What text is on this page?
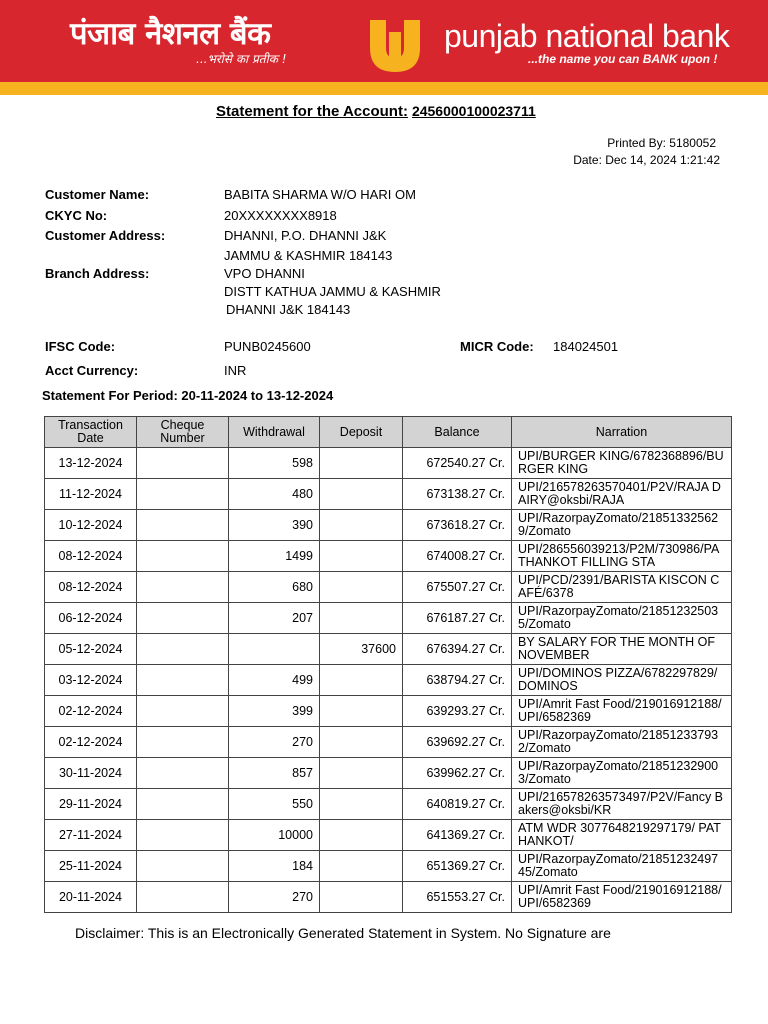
पंजाब नैशनल बैंक
...भरोसे का प्रतीक !
punjab national bank
...the name you can BANK upon !
Statement for the Account: 2456000100023711
Printed By: 5180052
Date: Dec 14, 2024 1:21:42
Customer Name:	BABITA SHARMA W/O HARI OM
CKYC No:	20XXXXXXXX8918
Customer Address:	DHANNI, P.O. DHANNI J&K
JAMMU & KASHMIR 184143
Branch Address:	VPO DHANNI
DISTT KATHUA JAMMU & KASHMIR
DHANNI J&K 184143
IFSC Code:	PUNB0245600	MICR Code: 184024501
Acct Currency:	INR
Statement For Period: 20-11-2024 to 13-12-2024
Transaction Date	Cheque Number	Withdrawal	Deposit	Balance	Narration
13-12-2024		598		672540.27 Cr.	UPI/BURGER KING/6782368896/BURGER KING
11-12-2024		480		673138.27 Cr.	UPI/216578263570401/P2V/RAJA DAIRY@oksbi/RAJA
10-12-2024		390		673618.27 Cr.	UPI/RazorpayZomato/218513325629/Zomato
08-12-2024		1499		674008.27 Cr.	UPI/286556039213/P2M/730986/PATHANKOT FILLING STA
08-12-2024		680		675507.27 Cr.	UPI/PCD/2391/BARISTA KISCON CAFÉ/6378
06-12-2024		207		676187.27 Cr.	UPI/RazorpayZomato/218512325035/Zomato
05-12-2024			37600	676394.27 Cr.	BY SALARY FOR THE MONTH OF NOVEMBER
03-12-2024		499		638794.27 Cr.	UPI/DOMINOS PIZZA/6782297829/DOMINOS
02-12-2024		399		639293.27 Cr.	UPI/Amrit Fast Food/219016912188/UPI/6582369
02-12-2024		270		639692.27 Cr.	UPI/RazorpayZomato/218512337932/Zomato
30-11-2024		857		639962.27 Cr.	UPI/RazorpayZomato/218512329003/Zomato
29-11-2024		550		640819.27 Cr.	UPI/216578263573497/P2V/Fancy Bakers@oksbi/KR
27-11-2024		10000		641369.27 Cr.	ATM WDR 3077648219297179/ PATHANKOT/
25-11-2024		184		651369.27 Cr.	UPI/RazorpayZomato/2185123249745/Zomato
20-11-2024		270		651553.27 Cr.	UPI/Amrit Fast Food/219016912188/UPI/6582369
Disclaimer: This is an Electronically Generated Statement in System. No Signature are
